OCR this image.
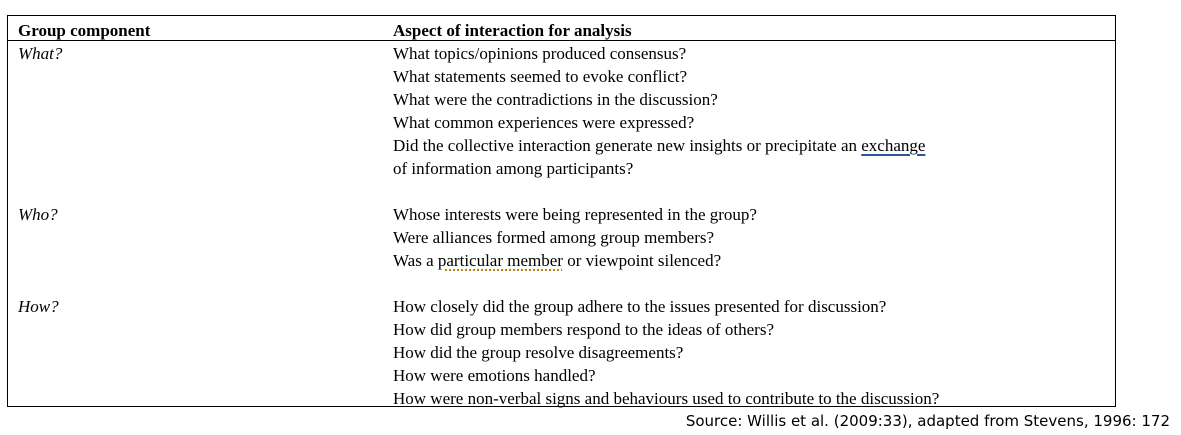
Group component	Aspect of interaction for analysis
What?	What topics/opinions produced consensus?
What statements seemed to evoke conflict?
What were the contradictions in the discussion?
What common experiences were expressed?
Did the collective interaction generate new insights or precipitate an exchange
of information among participants?
Who?	Whose interests were being represented in the group?
Were alliances formed among group members?
Was a particular member or viewpoint silenced?
How?	How closely did the group adhere to the issues presented for discussion?
How did group members respond to the ideas of others?
How did the group resolve disagreements?
How were emotions handled?
How were non-verbal signs and behaviours used to contribute to the discussion?
Source: Willis et al. (2009:33), adapted from Stevens, 1996: 172
